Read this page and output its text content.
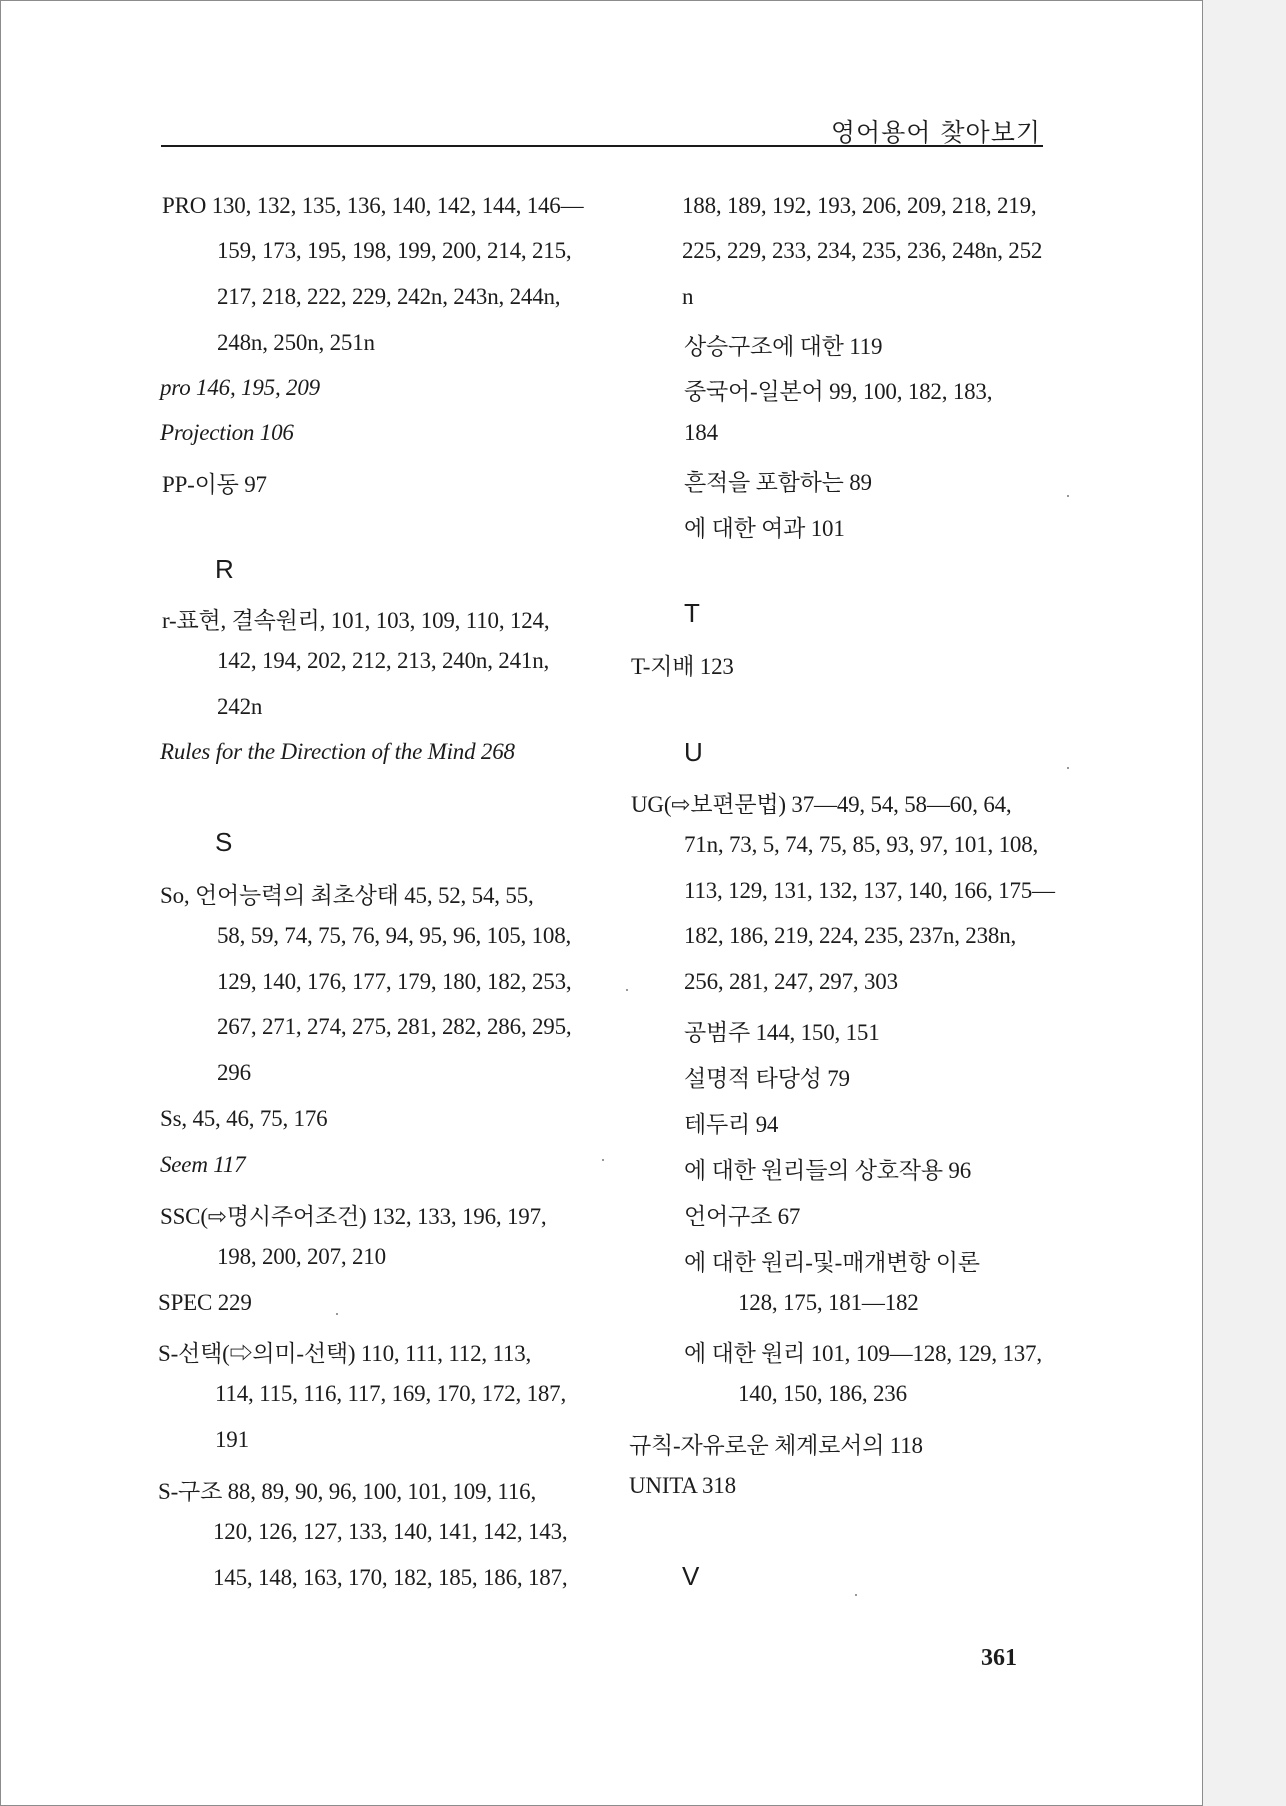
영어용어 찾아보기
PRO 130, 132, 135, 136, 140, 142, 144, 146—
159, 173, 195, 198, 199, 200, 214, 215,
217, 218, 222, 229, 242n, 243n, 244n,
248n, 250n, 251n
pro 146, 195, 209
Projection 106
PP-이동 97
R
r-표현, 결속원리, 101, 103, 109, 110, 124,
142, 194, 202, 212, 213, 240n, 241n,
242n
Rules for the Direction of the Mind 268
S
So, 언어능력의 최초상태 45, 52, 54, 55,
58, 59, 74, 75, 76, 94, 95, 96, 105, 108,
129, 140, 176, 177, 179, 180, 182, 253,
267, 271, 274, 275, 281, 282, 286, 295,
296
Ss, 45, 46, 75, 176
Seem 117
SSC(⇨명시주어조건) 132, 133, 196, 197,
198, 200, 207, 210
SPEC 229
S-선택(⇨의미-선택) 110, 111, 112, 113,
114, 115, 116, 117, 169, 170, 172, 187,
191
S-구조 88, 89, 90, 96, 100, 101, 109, 116,
120, 126, 127, 133, 140, 141, 142, 143,
145, 148, 163, 170, 182, 185, 186, 187,
188, 189, 192, 193, 206, 209, 218, 219,
225, 229, 233, 234, 235, 236, 248n, 252
n
상승구조에 대한 119
중국어-일본어 99, 100, 182, 183,
184
흔적을 포함하는 89
에 대한 여과 101
T
T-지배 123
U
UG(⇨보편문법) 37—49, 54, 58—60, 64,
71n, 73, 5, 74, 75, 85, 93, 97, 101, 108,
113, 129, 131, 132, 137, 140, 166, 175—
182, 186, 219, 224, 235, 237n, 238n,
256, 281, 247, 297, 303
공범주 144, 150, 151
설명적 타당성 79
테두리 94
에 대한 원리들의 상호작용 96
언어구조 67
에 대한 원리-및-매개변항 이론
128, 175, 181—182
에 대한 원리 101, 109—128, 129, 137,
140, 150, 186, 236
규칙-자유로운 체계로서의 118
UNITA 318
V
361
